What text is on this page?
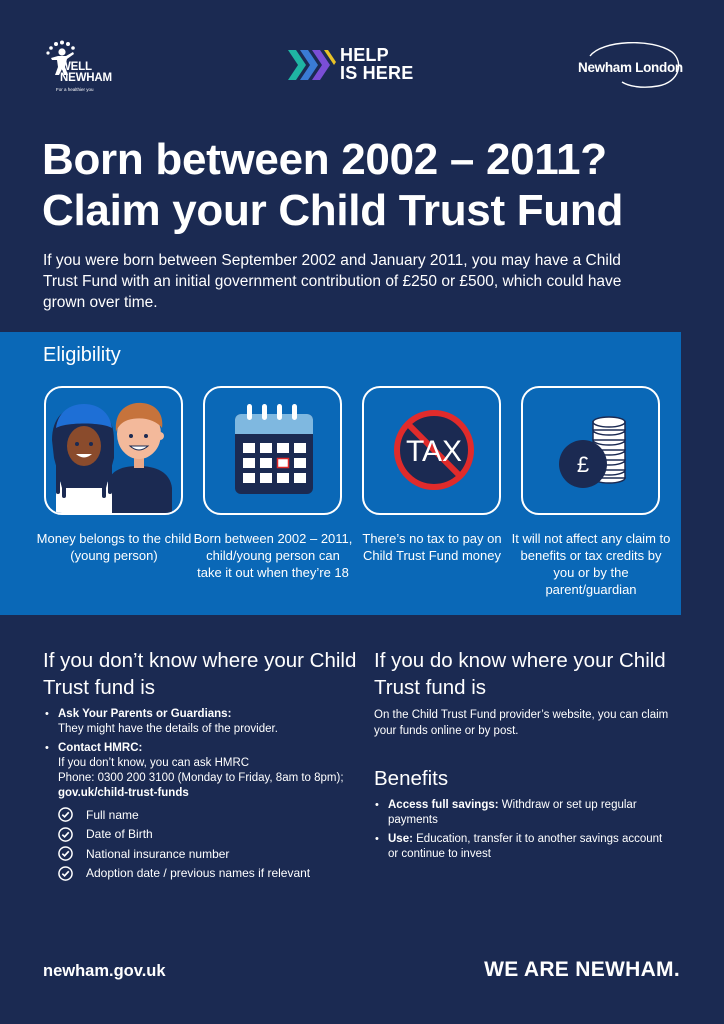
WELL
NEWHAM
For a healthier you
HELP
IS HERE	Newham London
Born between 2002 – 2011?
Claim your Child Trust Fund

If you were born between September 2002 and January 2011, you may have a Child Trust Fund with an initial government contribution of £250 or £500, which could have grown over time.

Eligibility
Money belongs to the child (young person)
Born between 2002 – 2011, child/young person can take it out when they’re 18
TAX
There’s no tax to pay on Child Trust Fund money
£
It will not affect any claim to benefits or tax credits by you or by the parent/guardian
If you don’t know where your Child Trust fund is
• Ask Your Parents or Guardians:
They might have the details of the provider.
• Contact HMRC:
If you don’t know, you can ask HMRC
Phone: 0300 200 3100 (Monday to Friday, 8am to 8pm);
gov.uk/child-trust-funds
Full name
Date of Birth
National insurance number
Adoption date / previous names if relevant
If you do know where your Child Trust fund is

On the Child Trust Fund provider’s website, you can claim your funds online or by post.

Benefits
• Access full savings: Withdraw or set up regular payments
• Use: Education, transfer it to another savings account or continue to invest
newham.gov.uk	WE ARE NEWHAM.
